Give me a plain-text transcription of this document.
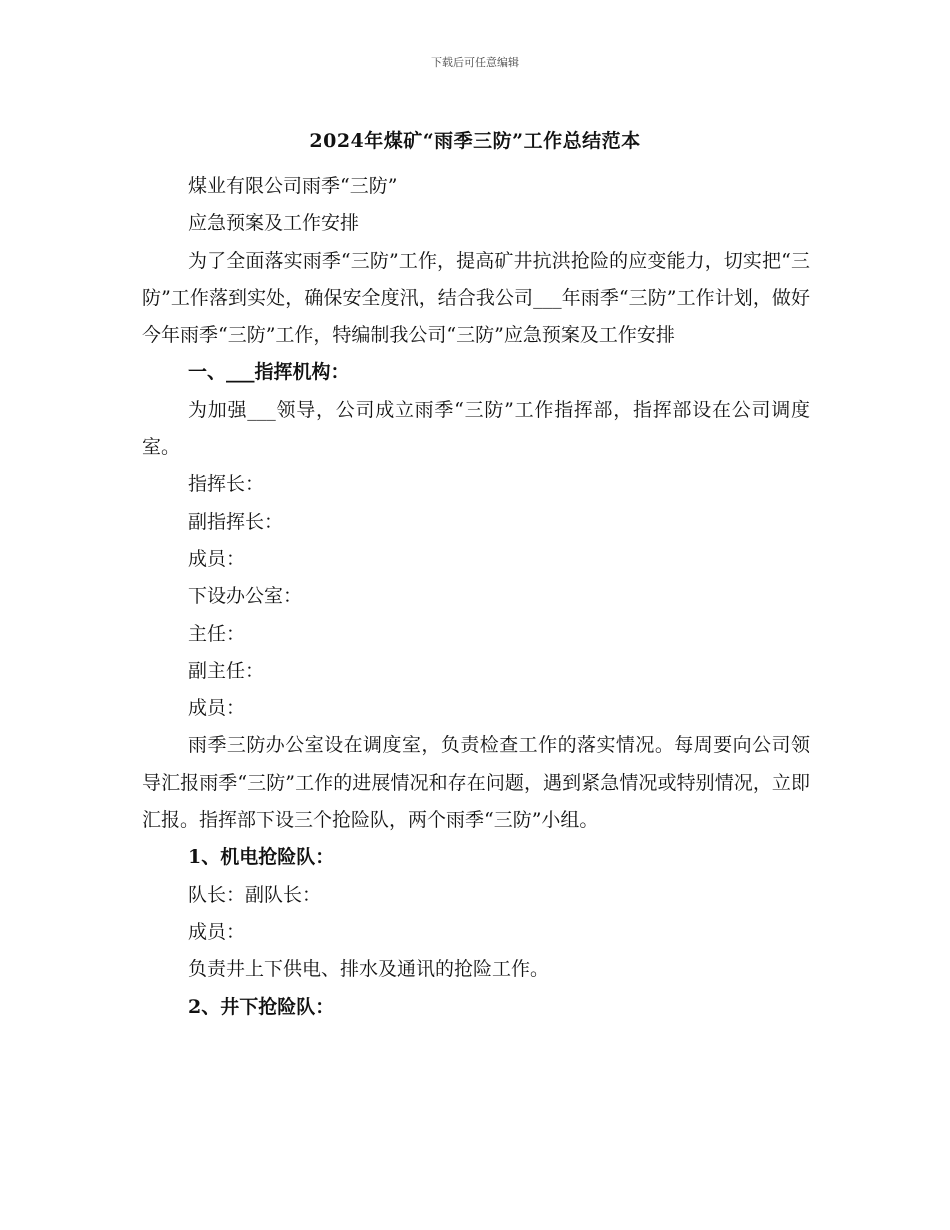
下载后可任意编辑
2024年煤矿“雨季三防”工作总结范本

煤业有限公司雨季“三防”

应急预案及工作安排

为了全面落实雨季“三防”工作，提高矿井抗洪抢险的应变能力，切实把“三防”工作落到实处，确保安全度汛，结合我公司___年雨季“三防”工作计划，做好今年雨季“三防”工作，特编制我公司“三防”应急预案及工作安排

一、___指挥机构：

为加强___领导，公司成立雨季“三防”工作指挥部，指挥部设在公司调度室。

指挥长：

副指挥长：

成员：

下设办公室：

主任：

副主任：

成员：

雨季三防办公室设在调度室，负责检查工作的落实情况。每周要向公司领导汇报雨季“三防”工作的进展情况和存在问题，遇到紧急情况或特别情况，立即汇报。指挥部下设三个抢险队，两个雨季“三防”小组。

1、机电抢险队：

队长：副队长：

成员：

负责井上下供电、排水及通讯的抢险工作。

2、井下抢险队：
